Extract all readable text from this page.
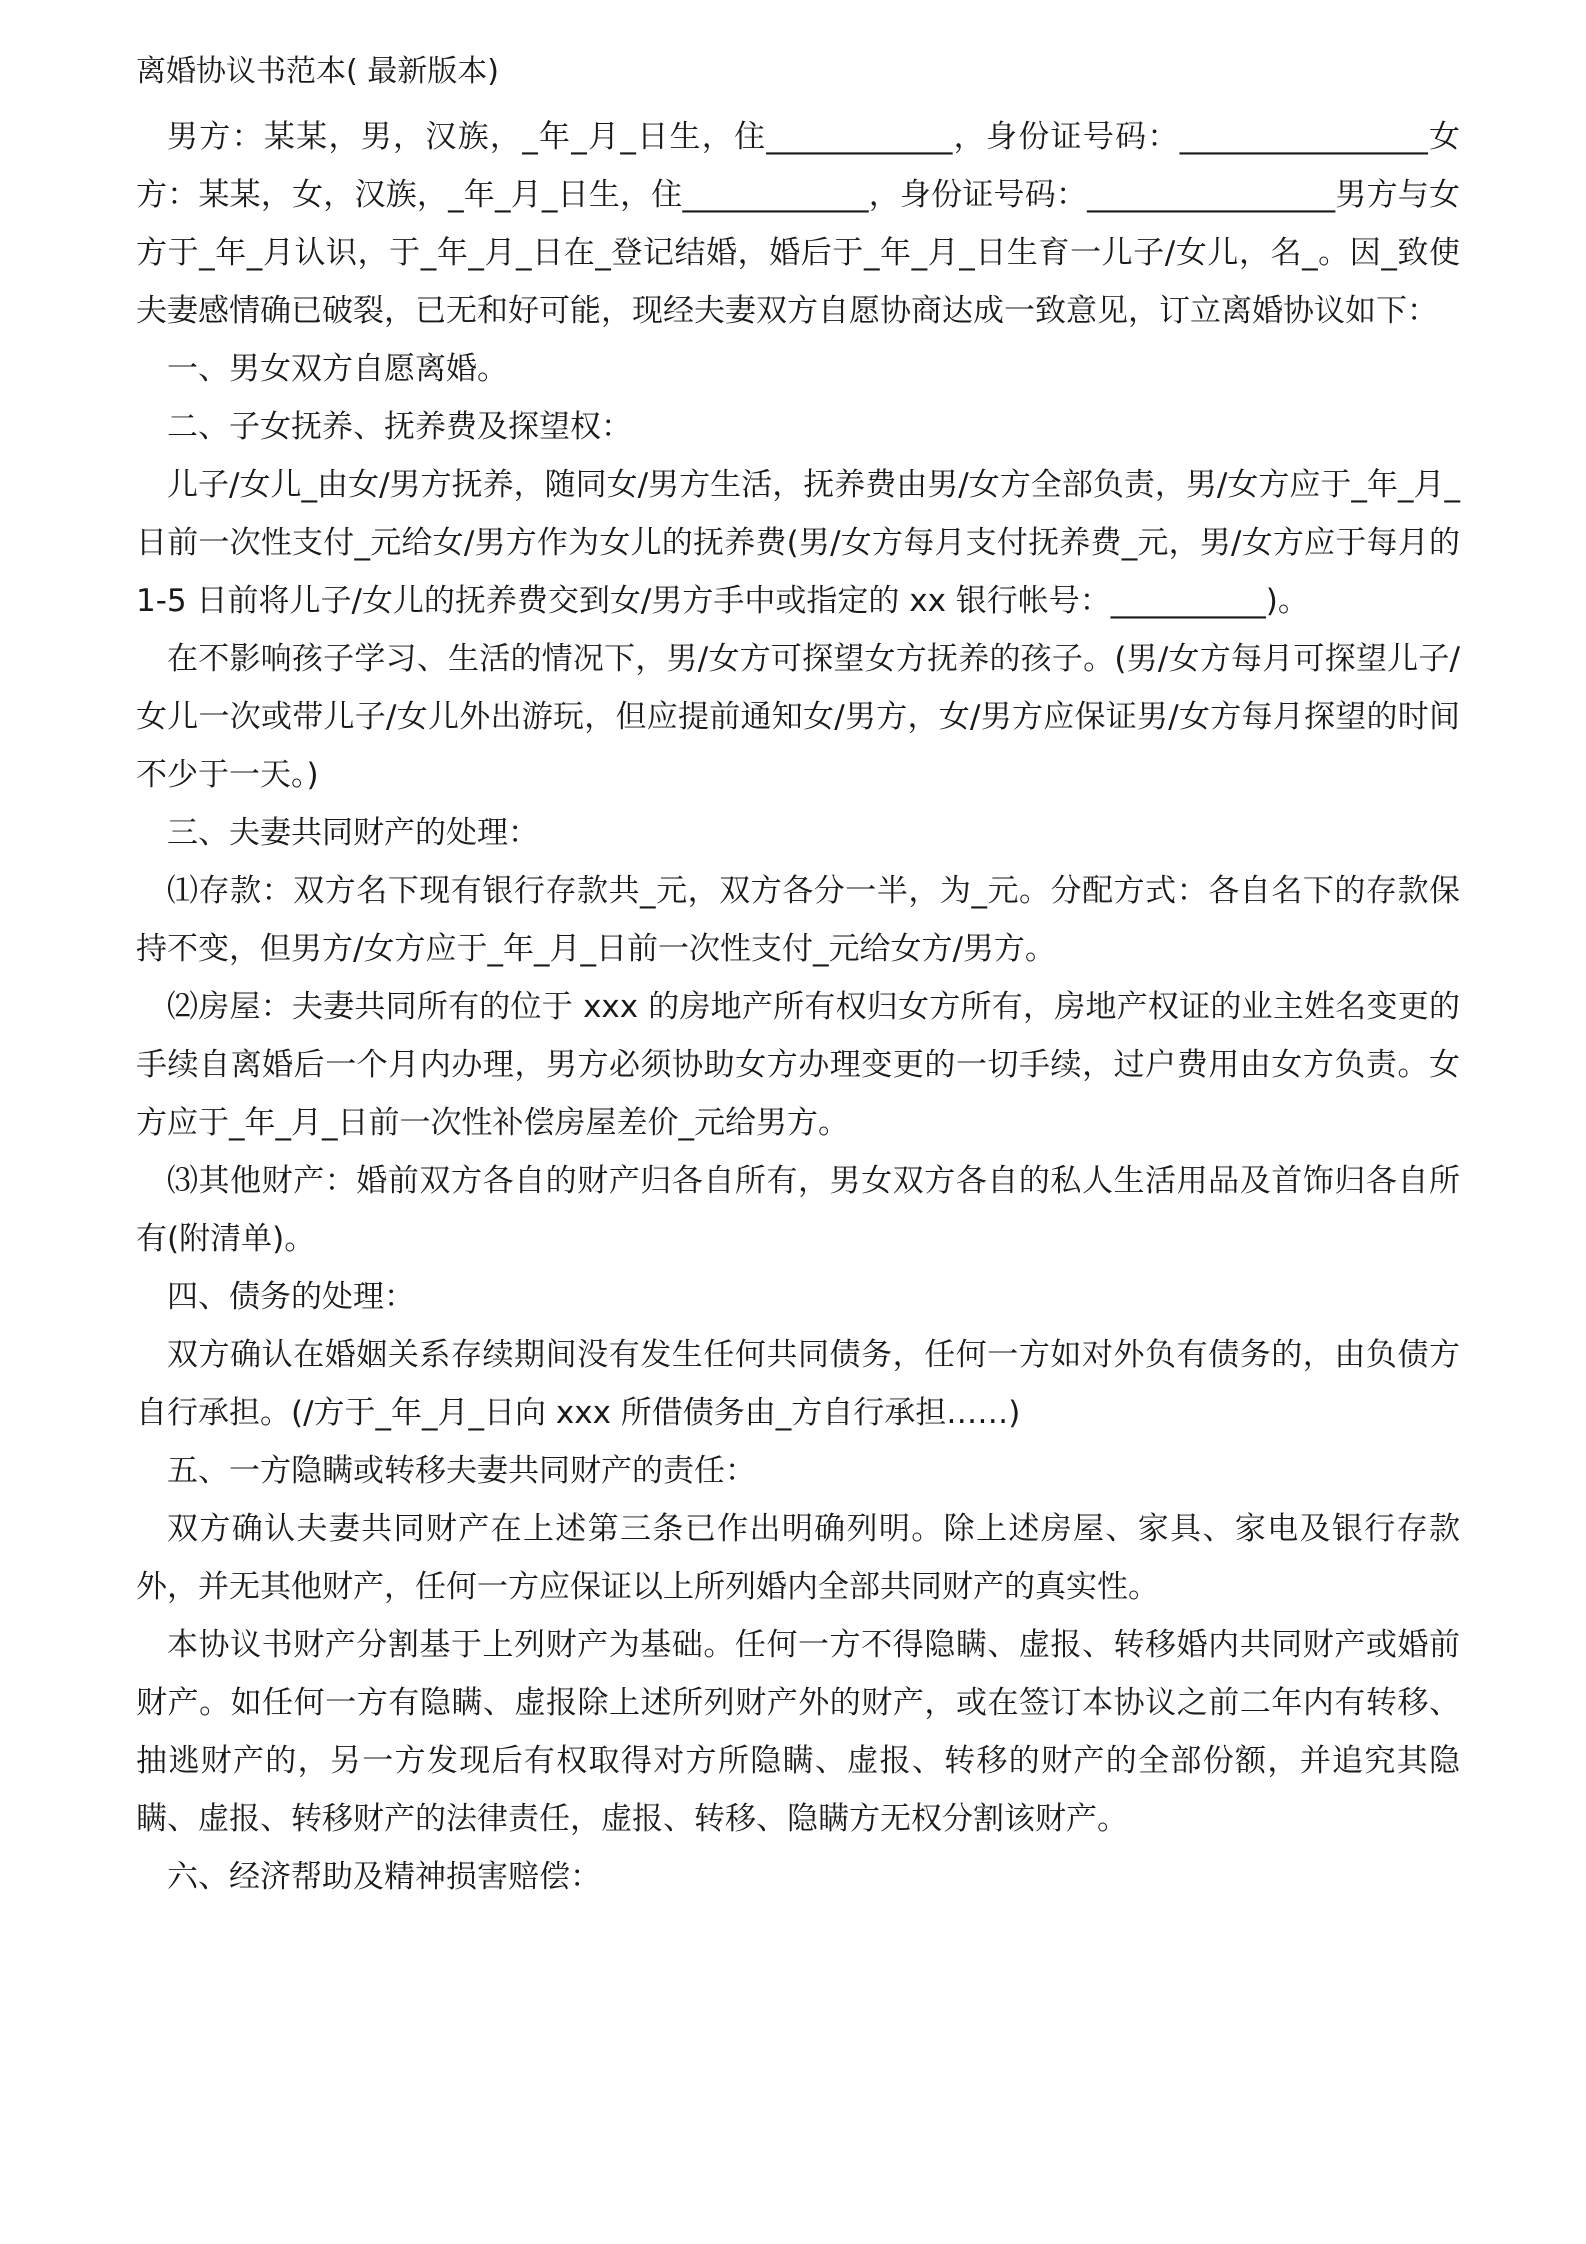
离婚协议书范本( 最新版本)

男方：某某，男，汉族，_年_月_日生，住____________，身份证号码：________________女方：某某，女，汉族，_年_月_日生，住____________，身份证号码：________________男方与女方于_年_月认识，于_年_月_日在_登记结婚，婚后于_年_月_日生育一儿子/女儿，名_。因_致使夫妻感情确已破裂，已无和好可能，现经夫妻双方自愿协商达成一致意见，订立离婚协议如下：

一、男女双方自愿离婚。

二、子女抚养、抚养费及探望权：

儿子/女儿_由女/男方抚养，随同女/男方生活，抚养费由男/女方全部负责，男/女方应于_年_月_日前一次性支付_元给女/男方作为女儿的抚养费(男/女方每月支付抚养费_元，男/女方应于每月的 1-5 日前将儿子/女儿的抚养费交到女/男方手中或指定的 xx 银行帐号：__________)。

在不影响孩子学习、生活的情况下，男/女方可探望女方抚养的孩子。(男/女方每月可探望儿子/女儿一次或带儿子/女儿外出游玩，但应提前通知女/男方，女/男方应保证男/女方每月探望的时间不少于一天。)

三、夫妻共同财产的处理：

⑴存款：双方名下现有银行存款共_元，双方各分一半，为_元。分配方式：各自名下的存款保持不变，但男方/女方应于_年_月_日前一次性支付_元给女方/男方。

⑵房屋：夫妻共同所有的位于 xxx 的房地产所有权归女方所有，房地产权证的业主姓名变更的手续自离婚后一个月内办理，男方必须协助女方办理变更的一切手续，过户费用由女方负责。女方应于_年_月_日前一次性补偿房屋差价_元给男方。

⑶其他财产：婚前双方各自的财产归各自所有，男女双方各自的私人生活用品及首饰归各自所有(附清单)。

四、债务的处理：

双方确认在婚姻关系存续期间没有发生任何共同债务，任何一方如对外负有债务的，由负债方自行承担。(/方于_年_月_日向 xxx 所借债务由_方自行承担……)

五、一方隐瞒或转移夫妻共同财产的责任：

双方确认夫妻共同财产在上述第三条已作出明确列明。除上述房屋、家具、家电及银行存款外，并无其他财产，任何一方应保证以上所列婚内全部共同财产的真实性。

本协议书财产分割基于上列财产为基础。任何一方不得隐瞒、虚报、转移婚内共同财产或婚前财产。如任何一方有隐瞒、虚报除上述所列财产外的财产，或在签订本协议之前二年内有转移、抽逃财产的，另一方发现后有权取得对方所隐瞒、虚报、转移的财产的全部份额，并追究其隐瞒、虚报、转移财产的法律责任，虚报、转移、隐瞒方无权分割该财产。

六、经济帮助及精神损害赔偿：
